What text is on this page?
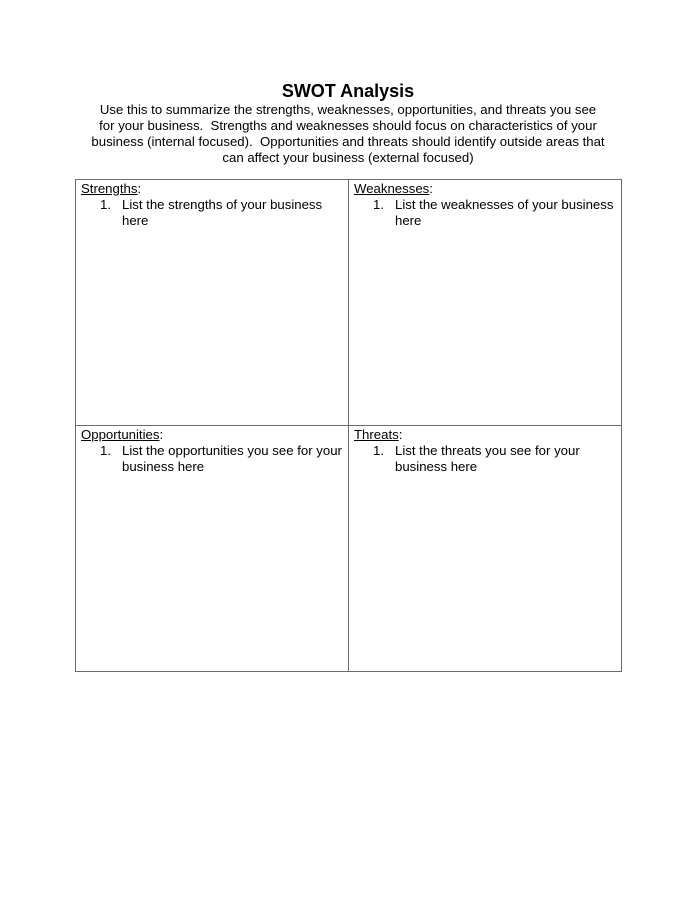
SWOT Analysis
Use this to summarize the strengths, weaknesses, opportunities, and threats you see
for your business.  Strengths and weaknesses should focus on characteristics of your
business (internal focused).  Opportunities and threats should identify outside areas that
can affect your business (external focused)
Strengths:
1. List the strengths of your business here

Weaknesses:
1. List the weaknesses of your business here

Opportunities:
1. List the opportunities you see for your business here

Threats:
1. List the threats you see for your business here
